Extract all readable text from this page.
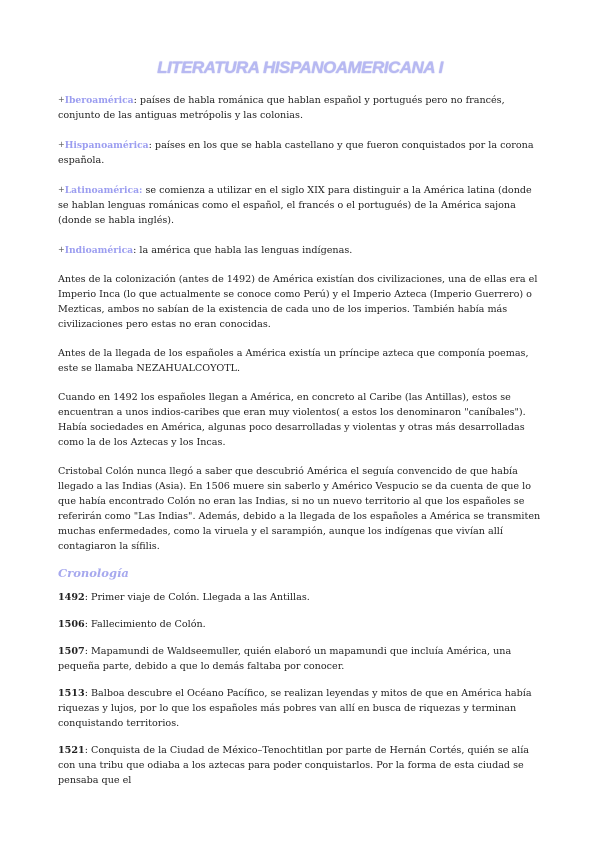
LITERATURA HISPANOAMERICANA I

+Iberoamérica: países de habla románica que hablan español y portugués pero no francés, conjunto de las antiguas metrópolis y las colonias.

+Hispanoamérica: países en los que se habla castellano y que fueron conquistados por la corona española.

+Latinoamérica: se comienza a utilizar en el siglo XIX para distinguir a la América latina (donde se hablan lenguas románicas como el español, el francés o el portugués) de la América sajona (donde se habla inglés).

+Indioamérica: la américa que habla las lenguas indígenas.

Antes de la colonización (antes de 1492) de América existían dos civilizaciones, una de ellas era el Imperio Inca (lo que actualmente se conoce como Perú) y el Imperio Azteca (Imperio Guerrero) o Mezticas, ambos no sabían de la existencia de cada uno de los imperios. También había más civilizaciones pero estas no eran conocidas.

Antes de la llegada de los españoles a América existía un príncipe azteca que componía poemas, este se llamaba NEZAHUALCOYOTL.

Cuando en 1492 los españoles llegan a América, en concreto al Caribe (las Antillas), estos se encuentran a unos indios-caribes que eran muy violentos( a estos los denominaron "caníbales"). Había sociedades en América, algunas poco desarrolladas y violentas y otras más desarrolladas como la de los Aztecas y los Incas.

Cristobal Colón nunca llegó a saber que descubrió América el seguía convencido de que había llegado a las Indias (Asia). En 1506 muere sin saberlo y Américo Vespucio se da cuenta de que lo que había encontrado Colón no eran las Indias, si no un nuevo territorio al que los españoles se referirán como "Las Indias". Además, debido a la llegada de los españoles a América se transmiten muchas enfermedades, como la viruela y el sarampión, aunque los indígenas que vivían allí contagiaron la sífilis.

Cronología

1492: Primer viaje de Colón. Llegada a las Antillas.

1506: Fallecimiento de Colón.

1507: Mapamundi de Waldseemuller, quién elaboró un mapamundi que incluía América, una pequeña parte, debido a que lo demás faltaba por conocer.

1513: Balboa descubre el Océano Pacífico, se realizan leyendas y mitos de que en América había riquezas y lujos, por lo que los españoles más pobres van allí en busca de riquezas y terminan conquistando territorios.

1521: Conquista de la Ciudad de México–Tenochtitlan por parte de Hernán Cortés, quién se alía con una tribu que odiaba a los aztecas para poder conquistarlos. Por la forma de esta ciudad se pensaba que el
